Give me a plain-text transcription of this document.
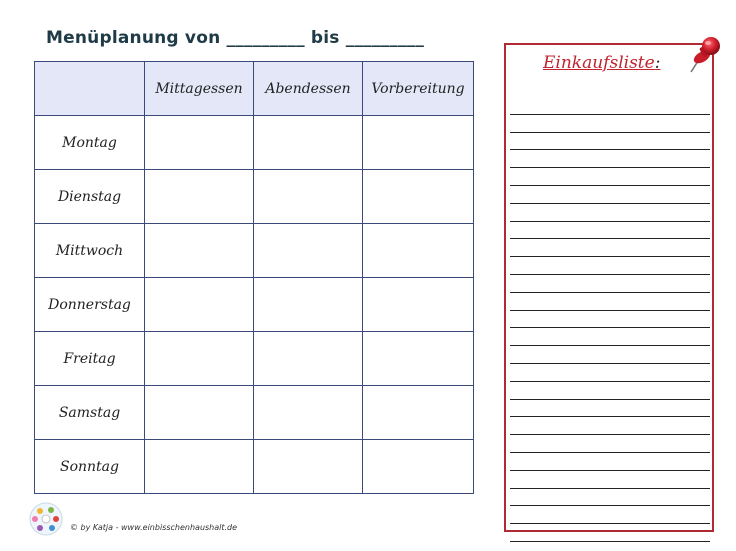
Menüplanung von _________ bis _________
	Mittagessen	Abendessen	Vorbereitung
Montag			
Dienstag			
Mittwoch			
Donnerstag			
Freitag			
Samstag			
Sonntag			
Einkaufsliste:
© by Katja - www.einbisschenhaushalt.de
